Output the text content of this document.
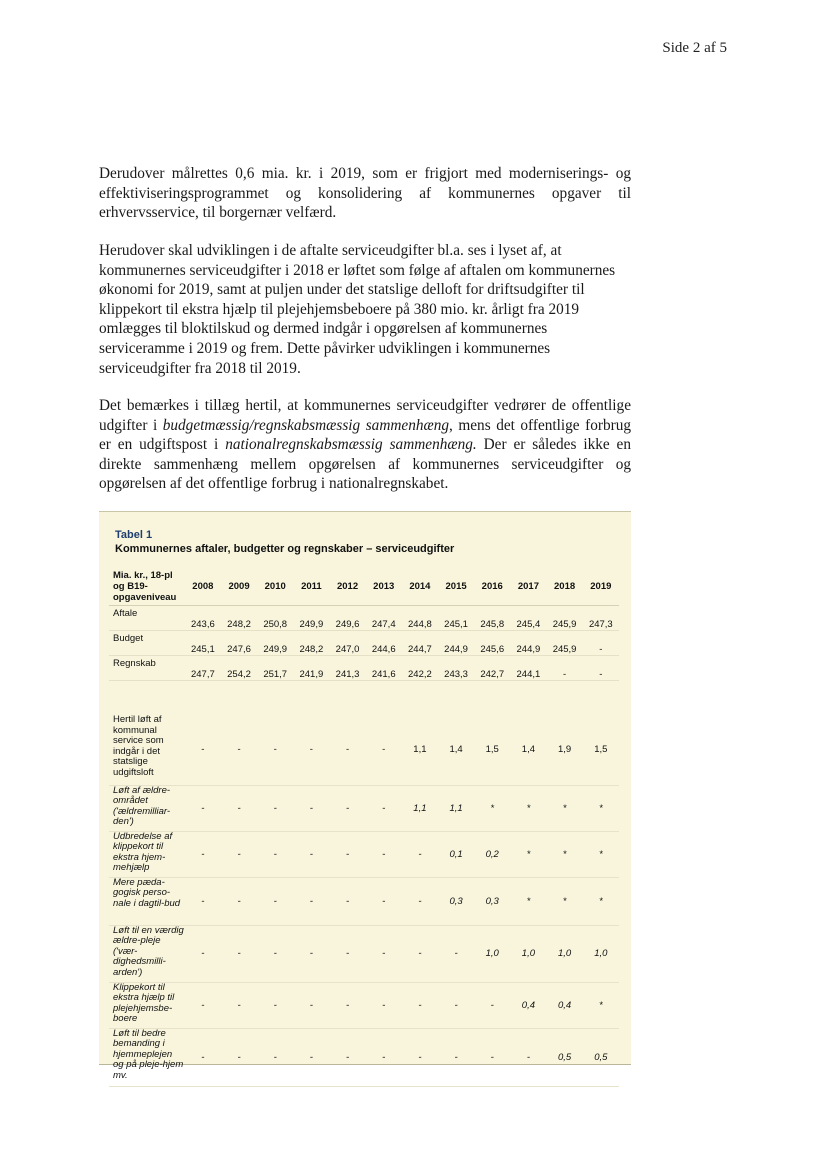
Side 2 af 5

Derudover målrettes 0,6 mia. kr. i 2019, som er frigjort med moderniserings- og effektiviseringsprogrammet og konsolidering af kommunernes opgaver til erhvervsservice, til borgernær velfærd.

Herudover skal udviklingen i de aftalte serviceudgifter bl.a. ses i lyset af, at kommunernes serviceudgifter i 2018 er løftet som følge af aftalen om kommunernes økonomi for 2019, samt at puljen under det statslige delloft for driftsudgifter til klippekort til ekstra hjælp til plejehjemsbeboere på 380 mio. kr. årligt fra 2019 omlægges til bloktilskud og dermed indgår i opgørelsen af kommunernes serviceramme i 2019 og frem. Dette påvirker udviklingen i kommunernes serviceudgifter fra 2018 til 2019.

Det bemærkes i tillæg hertil, at kommunernes serviceudgifter vedrører de offentlige udgifter i budgetmæssig/regnskabsmæssig sammenhæng, mens det offentlige forbrug er en udgiftspost i nationalregnskabsmæssig sammenhæng. Der er således ikke en direkte sammenhæng mellem opgørelsen af kommunernes serviceudgifter og opgørelsen af det offentlige forbrug i nationalregnskabet.

Tabel 1
Kommunernes aftaler, budgetter og regnskaber – serviceudgifter
Mia. kr., 18-pl og B19-opgaveniveau	2008	2009	2010	2011	2012	2013	2014	2015	2016	2017	2018	2019
Aftale	243,6	248,2	250,8	249,9	249,6	247,4	244,8	245,1	245,8	245,4	245,9	247,3
Budget	245,1	247,6	249,9	248,2	247,0	244,6	244,7	244,9	245,6	244,9	245,9	-
Regnskab	247,7	254,2	251,7	241,9	241,3	241,6	242,2	243,3	242,7	244,1	-	-

Hertil løft af kommunal service som indgår i det statslige udgiftsloft	-	-	-	-	-	-	1,1	1,4	1,5	1,4	1,9	1,5
Løft af ældre-området ('ældremilliar-den')	-	-	-	-	-	-	1,1	1,1	*	*	*	*
Udbredelse af klippekort til ekstra hjem-mehjælp	-	-	-	-	-	-	-	0,1	0,2	*	*	*
Mere pæda-gogisk perso-nale i dagtil-bud	-	-	-	-	-	-	-	0,3	0,3	*	*	*
Løft til en værdig ældre-pleje ('vær-dighedsmilli-arden')	-	-	-	-	-	-	-	-	1,0	1,0	1,0	1,0
Klippekort til ekstra hjælp til plejehjemsbe-boere	-	-	-	-	-	-	-	-	-	0,4	0,4	*
Løft til bedre bemanding i hjemmeplejen og på pleje-hjem mv.	-	-	-	-	-	-	-	-	-	-	0,5	0,5
